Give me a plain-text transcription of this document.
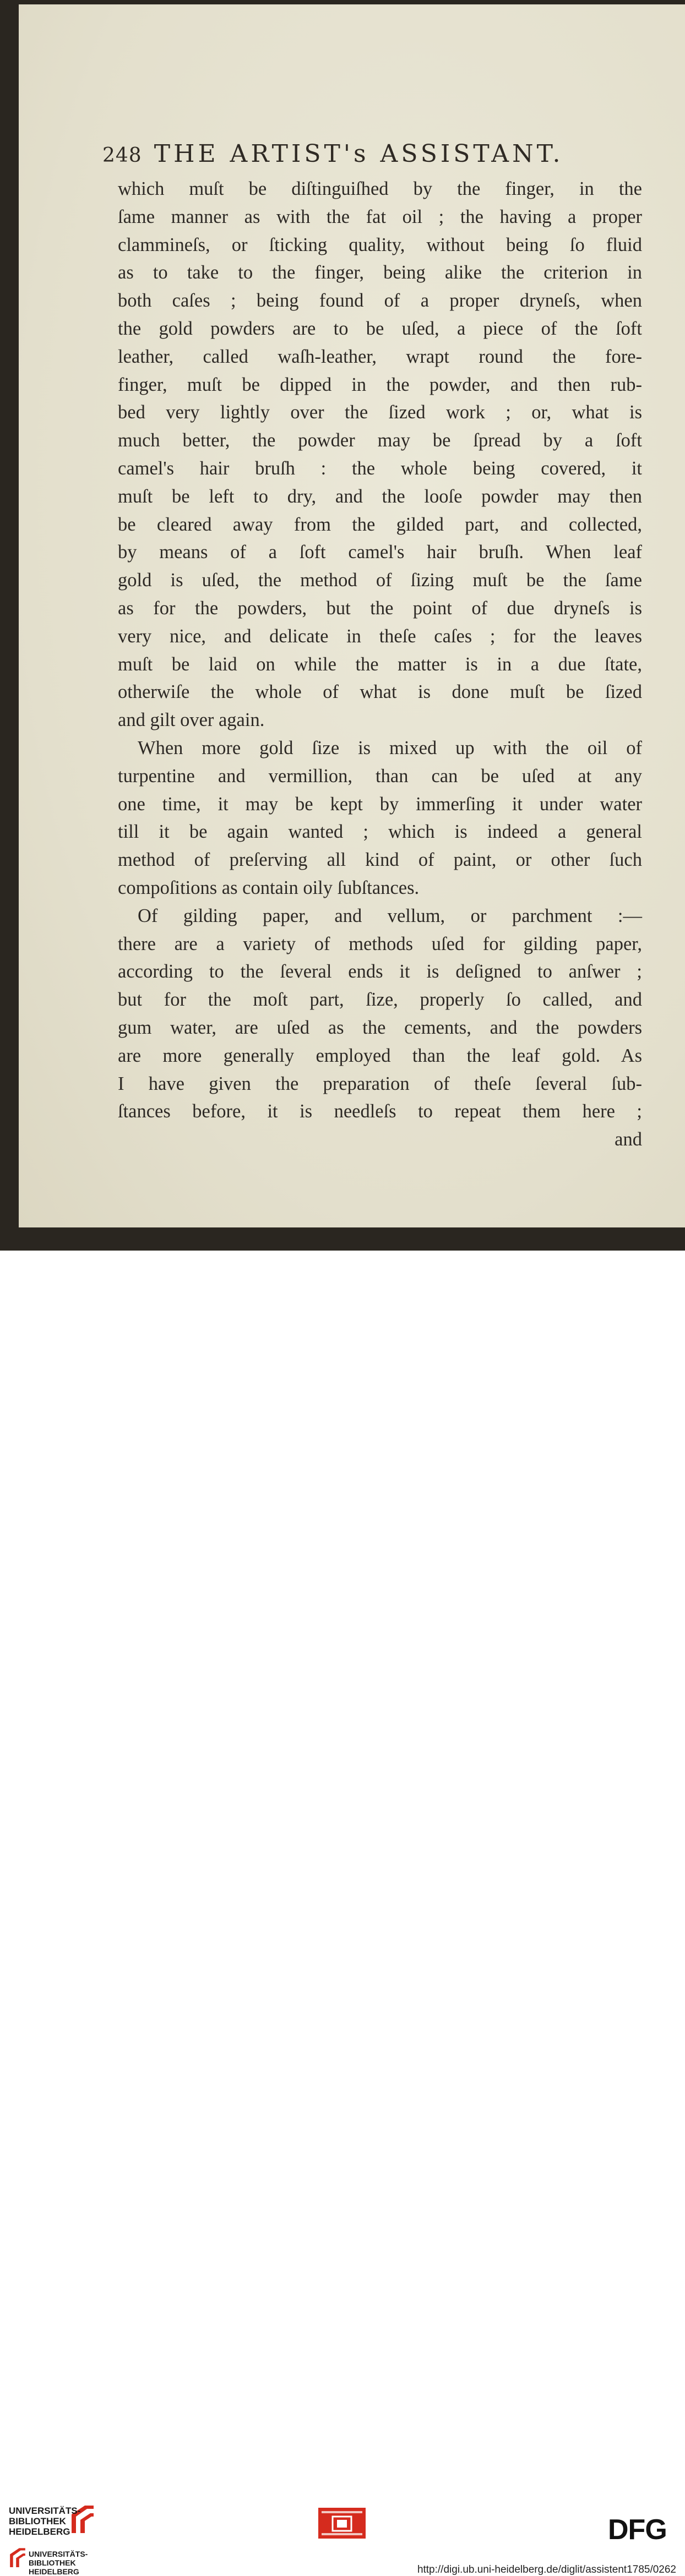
248 THE ARTIST's ASSISTANT.
which muſt be diſtinguiſhed by the finger, in the
ſame manner as with the fat oil ; the having a proper
clammineſs, or ſticking quality, without being ſo fluid
as to take to the finger, being alike the criterion in
both caſes ; being found of a proper dryneſs, when
the gold powders are to be uſed, a piece of the ſoft
leather, called waſh-leather, wrapt round the fore-
finger, muſt be dipped in the powder, and then rub-
bed very lightly over the ſized work ; or, what is
much better, the powder may be ſpread by a ſoft
camel's hair bruſh : the whole being covered, it
muſt be left to dry, and the looſe powder may then
be cleared away from the gilded part, and collected,
by means of a ſoft camel's hair bruſh. When leaf
gold is uſed, the method of ſizing muſt be the ſame
as for the powders, but the point of due dryneſs is
very nice, and delicate in theſe caſes ; for the leaves
muſt be laid on while the matter is in a due ſtate,
otherwiſe the whole of what is done muſt be ſized
and gilt over again.
When more gold ſize is mixed up with the oil of
turpentine and vermillion, than can be uſed at any
one time, it may be kept by immerſing it under water
till it be again wanted ; which is indeed a general
method of preſerving all kind of paint, or other ſuch
compoſitions as contain oily ſubſtances.
Of gilding paper, and vellum, or parchment :—
there are a variety of methods uſed for gilding paper,
according to the ſeveral ends it is deſigned to anſwer ;
but for the moſt part, ſize, properly ſo called, and
gum water, are uſed as the cements, and the powders
are more generally employed than the leaf gold. As
I have given the preparation of theſe ſeveral ſub-
ſtances before, it is needleſs to repeat them here ;
and
UNIVERSITÄTS-
BIBLIOTHEK
HEIDELBERG
UNIVERSITÄTS-
BIBLIOTHEK
HEIDELBERG
DFG
http://digi.ub.uni-heidelberg.de/diglit/assistent1785/0262
